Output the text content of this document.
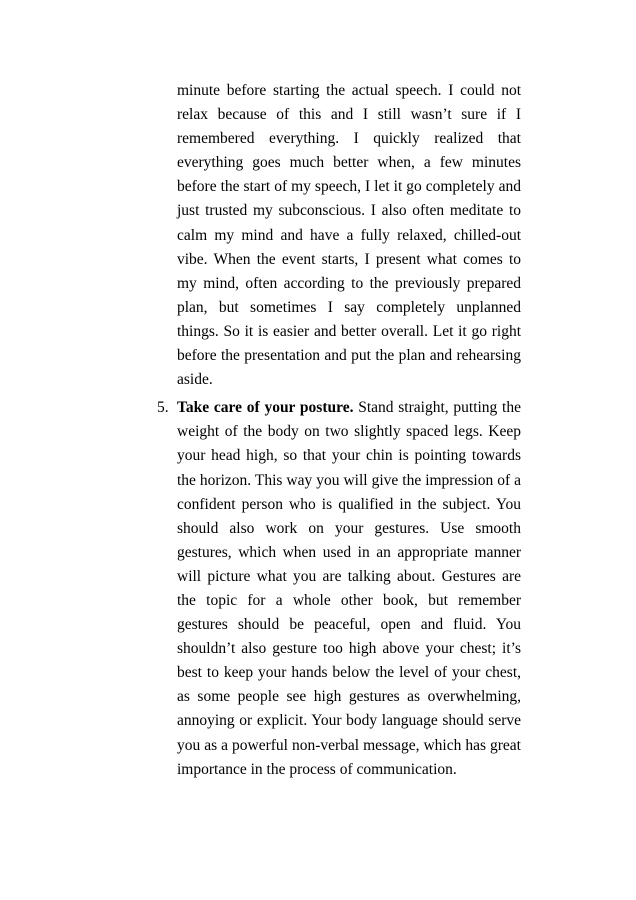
minute before starting the actual speech. I could not relax because of this and I still wasn’t sure if I remembered everything. I quickly realized that everything goes much better when, a few minutes before the start of my speech, I let it go completely and just trusted my subconscious. I also often meditate to calm my mind and have a fully relaxed, chilled-out vibe. When the event starts, I present what comes to my mind, often according to the previously prepared plan, but sometimes I say completely unplanned things. So it is easier and better overall. Let it go right before the presentation and put the plan and rehearsing aside.

5. Take care of your posture. Stand straight, putting the weight of the body on two slightly spaced legs. Keep your head high, so that your chin is pointing towards the horizon. This way you will give the impression of a confident person who is qualified in the subject. You should also work on your gestures. Use smooth gestures, which when used in an appropriate manner will picture what you are talking about. Gestures are the topic for a whole other book, but remember gestures should be peaceful, open and fluid. You shouldn’t also gesture too high above your chest; it’s best to keep your hands below the level of your chest, as some people see high gestures as overwhelming, annoying or explicit. Your body language should serve you as a powerful non-verbal message, which has great importance in the process of communication.
